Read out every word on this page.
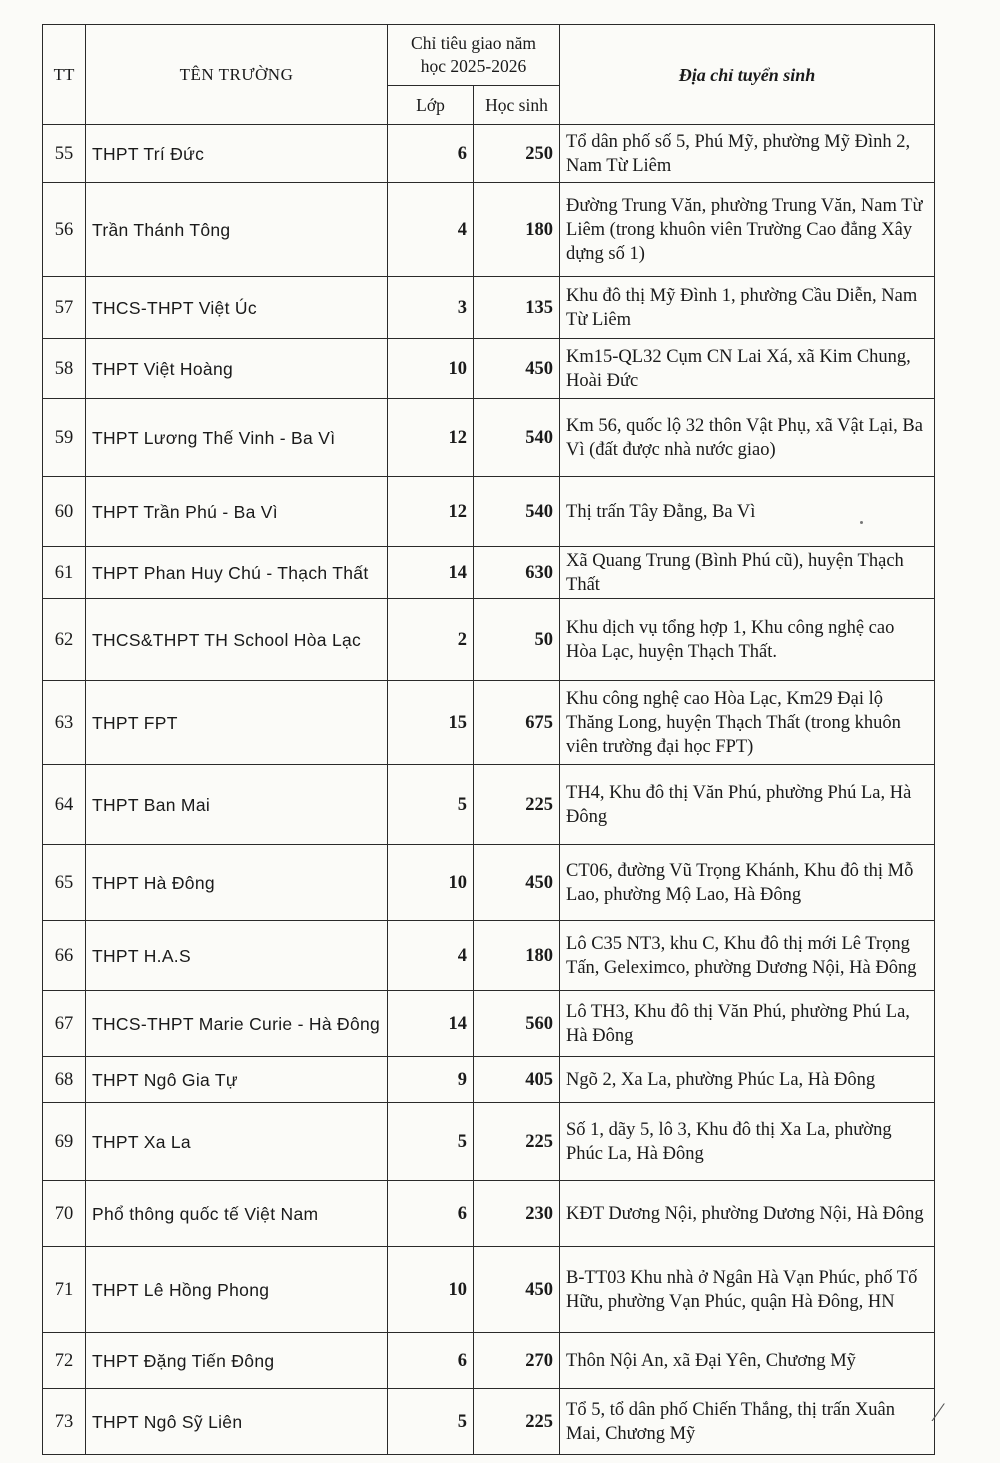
TT	TÊN TRƯỜNG	Chỉ tiêu giao năm
học 2025-2026		Địa chỉ tuyển sinh
		Lớp	Học sinh	
55	THPT Trí Đức	6	250	Tổ dân phố số 5, Phú Mỹ, phường Mỹ Đình 2, Nam Từ Liêm
56	Trần Thánh Tông	4	180	Đường Trung Văn, phường Trung Văn, Nam Từ Liêm (trong khuôn viên Trường Cao đẳng Xây dựng số 1)
57	THCS-THPT Việt Úc	3	135	Khu đô thị Mỹ Đình 1, phường Cầu Diễn, Nam Từ Liêm
58	THPT Việt Hoàng	10	450	Km15-QL32 Cụm CN Lai Xá, xã Kim Chung, Hoài Đức
59	THPT Lương Thế Vinh - Ba Vì	12	540	Km 56, quốc lộ 32 thôn Vật Phụ, xã Vật Lại, Ba Vì (đất được nhà nước giao)
60	THPT Trần Phú - Ba Vì	12	540	Thị trấn Tây Đằng, Ba Vì
61	THPT Phan Huy Chú - Thạch Thất	14	630	Xã Quang Trung (Bình Phú cũ), huyện Thạch Thất
62	THCS&THPT TH School Hòa Lạc	2	50	Khu dịch vụ tổng hợp 1, Khu công nghệ cao Hòa Lạc, huyện Thạch Thất.
63	THPT FPT	15	675	Khu công nghệ cao Hòa Lạc, Km29 Đại lộ Thăng Long, huyện Thạch Thất (trong khuôn viên trường đại học FPT)
64	THPT Ban Mai	5	225	TH4, Khu đô thị Văn Phú, phường Phú La, Hà Đông
65	THPT Hà Đông	10	450	CT06, đường Vũ Trọng Khánh, Khu đô thị Mỗ Lao, phường Mộ Lao, Hà Đông
66	THPT H.A.S	4	180	Lô C35 NT3, khu C, Khu đô thị mới Lê Trọng Tấn, Geleximco, phường Dương Nội, Hà Đông
67	THCS-THPT Marie Curie - Hà Đông	14	560	Lô TH3, Khu đô thị Văn Phú, phường Phú La, Hà Đông
68	THPT Ngô Gia Tự	9	405	Ngõ 2, Xa La, phường Phúc La, Hà Đông
69	THPT Xa La	5	225	Số 1, dãy 5, lô 3, Khu đô thị Xa La, phường Phúc La, Hà Đông
70	Phổ thông quốc tế Việt Nam	6	230	KĐT Dương Nội, phường Dương Nội, Hà Đông
71	THPT Lê Hồng Phong	10	450	B-TT03 Khu nhà ở Ngân Hà Vạn Phúc, phố Tố Hữu, phường Vạn Phúc, quận Hà Đông, HN
72	THPT Đặng Tiến Đông	6	270	Thôn Nội An, xã Đại Yên, Chương Mỹ
73	THPT Ngô Sỹ Liên	5	225	Tổ 5, tổ dân phố Chiến Thắng, thị trấn Xuân Mai, Chương Mỹ
⁄
